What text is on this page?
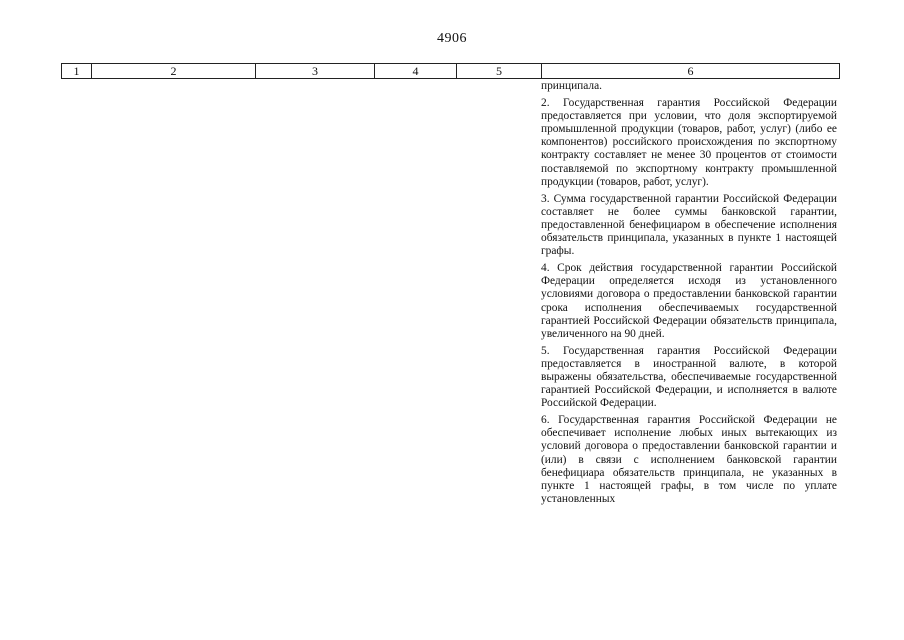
4906
1	2	3	4	5	6

принципала.

2. Государственная гарантия Российской Федерации предоставляется при условии, что доля экспортируемой промышленной продукции (товаров, работ, услуг) (либо ее компонентов) российского происхождения по экспортному контракту составляет не менее 30 процентов от стоимости поставляемой по экспортному контракту промышленной продукции (товаров, работ, услуг).

3. Сумма государственной гарантии Российской Федерации составляет не более суммы банковской гарантии, предоставленной бенефициаром в обеспечение исполнения обязательств принципала, указанных в пункте 1 настоящей графы.

4. Срок действия государственной гарантии Российской Федерации определяется исходя из установленного условиями договора о предоставлении банковской гарантии срока исполнения обеспечиваемых государственной гарантией Российской Федерации обязательств принципала, увеличенного на 90 дней.

5. Государственная гарантия Российской Федерации предоставляется в иностранной валюте, в которой выражены обязательства, обеспечиваемые государственной гарантией Российской Федерации, и исполняется в валюте Российской Федерации.

6. Государственная гарантия Российской Федерации не обеспечивает исполнение любых иных вытекающих из условий договора о предоставлении банковской гарантии и (или) в связи с исполнением банковской гарантии бенефициара обязательств принципала, не указанных в пункте 1 настоящей графы, в том числе по уплате установленных
